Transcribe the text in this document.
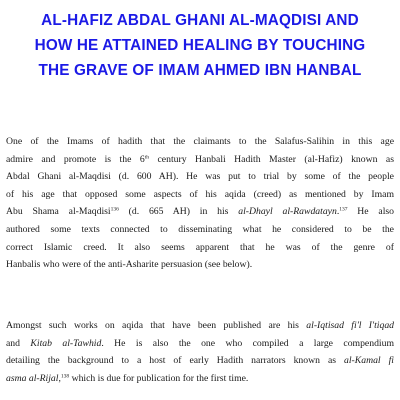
AL-HAFIZ ABDAL GHANI AL-MAQDISI AND
HOW HE ATTAINED HEALING BY TOUCHING
THE GRAVE OF IMAM AHMED IBN HANBAL

One of the Imams of hadith that the claimants to the Salafus-Salihin in this age
admire and promote is the 6th century Hanbali Hadith Master (al-Hafiz) known as
Abdal Ghani al-Maqdisi (d. 600 AH). He was put to trial by some of the people
of his age that opposed some aspects of his aqida (creed) as mentioned by Imam
Abu Shama al-Maqdisi$^{136}$ (d. 665 AH) in his al-Dhayl al-Rawdatayn.$^{137}$ He also
authored some texts connected to disseminating what he considered to be the
correct Islamic creed. It also seems apparent that he was of the genre of
Hanbalis who were of the anti-Asharite persuasion (see below).

Amongst such works on aqida that have been published are his al-Iqtisad fi'l I'tiqad
and Kitab al-Tawhid. He is also the one who compiled a large compendium
detailing the background to a host of early Hadith narrators known as al-Kamal fi
asma al-Rijal,$^{138}$ which is due for publication for the first time.
